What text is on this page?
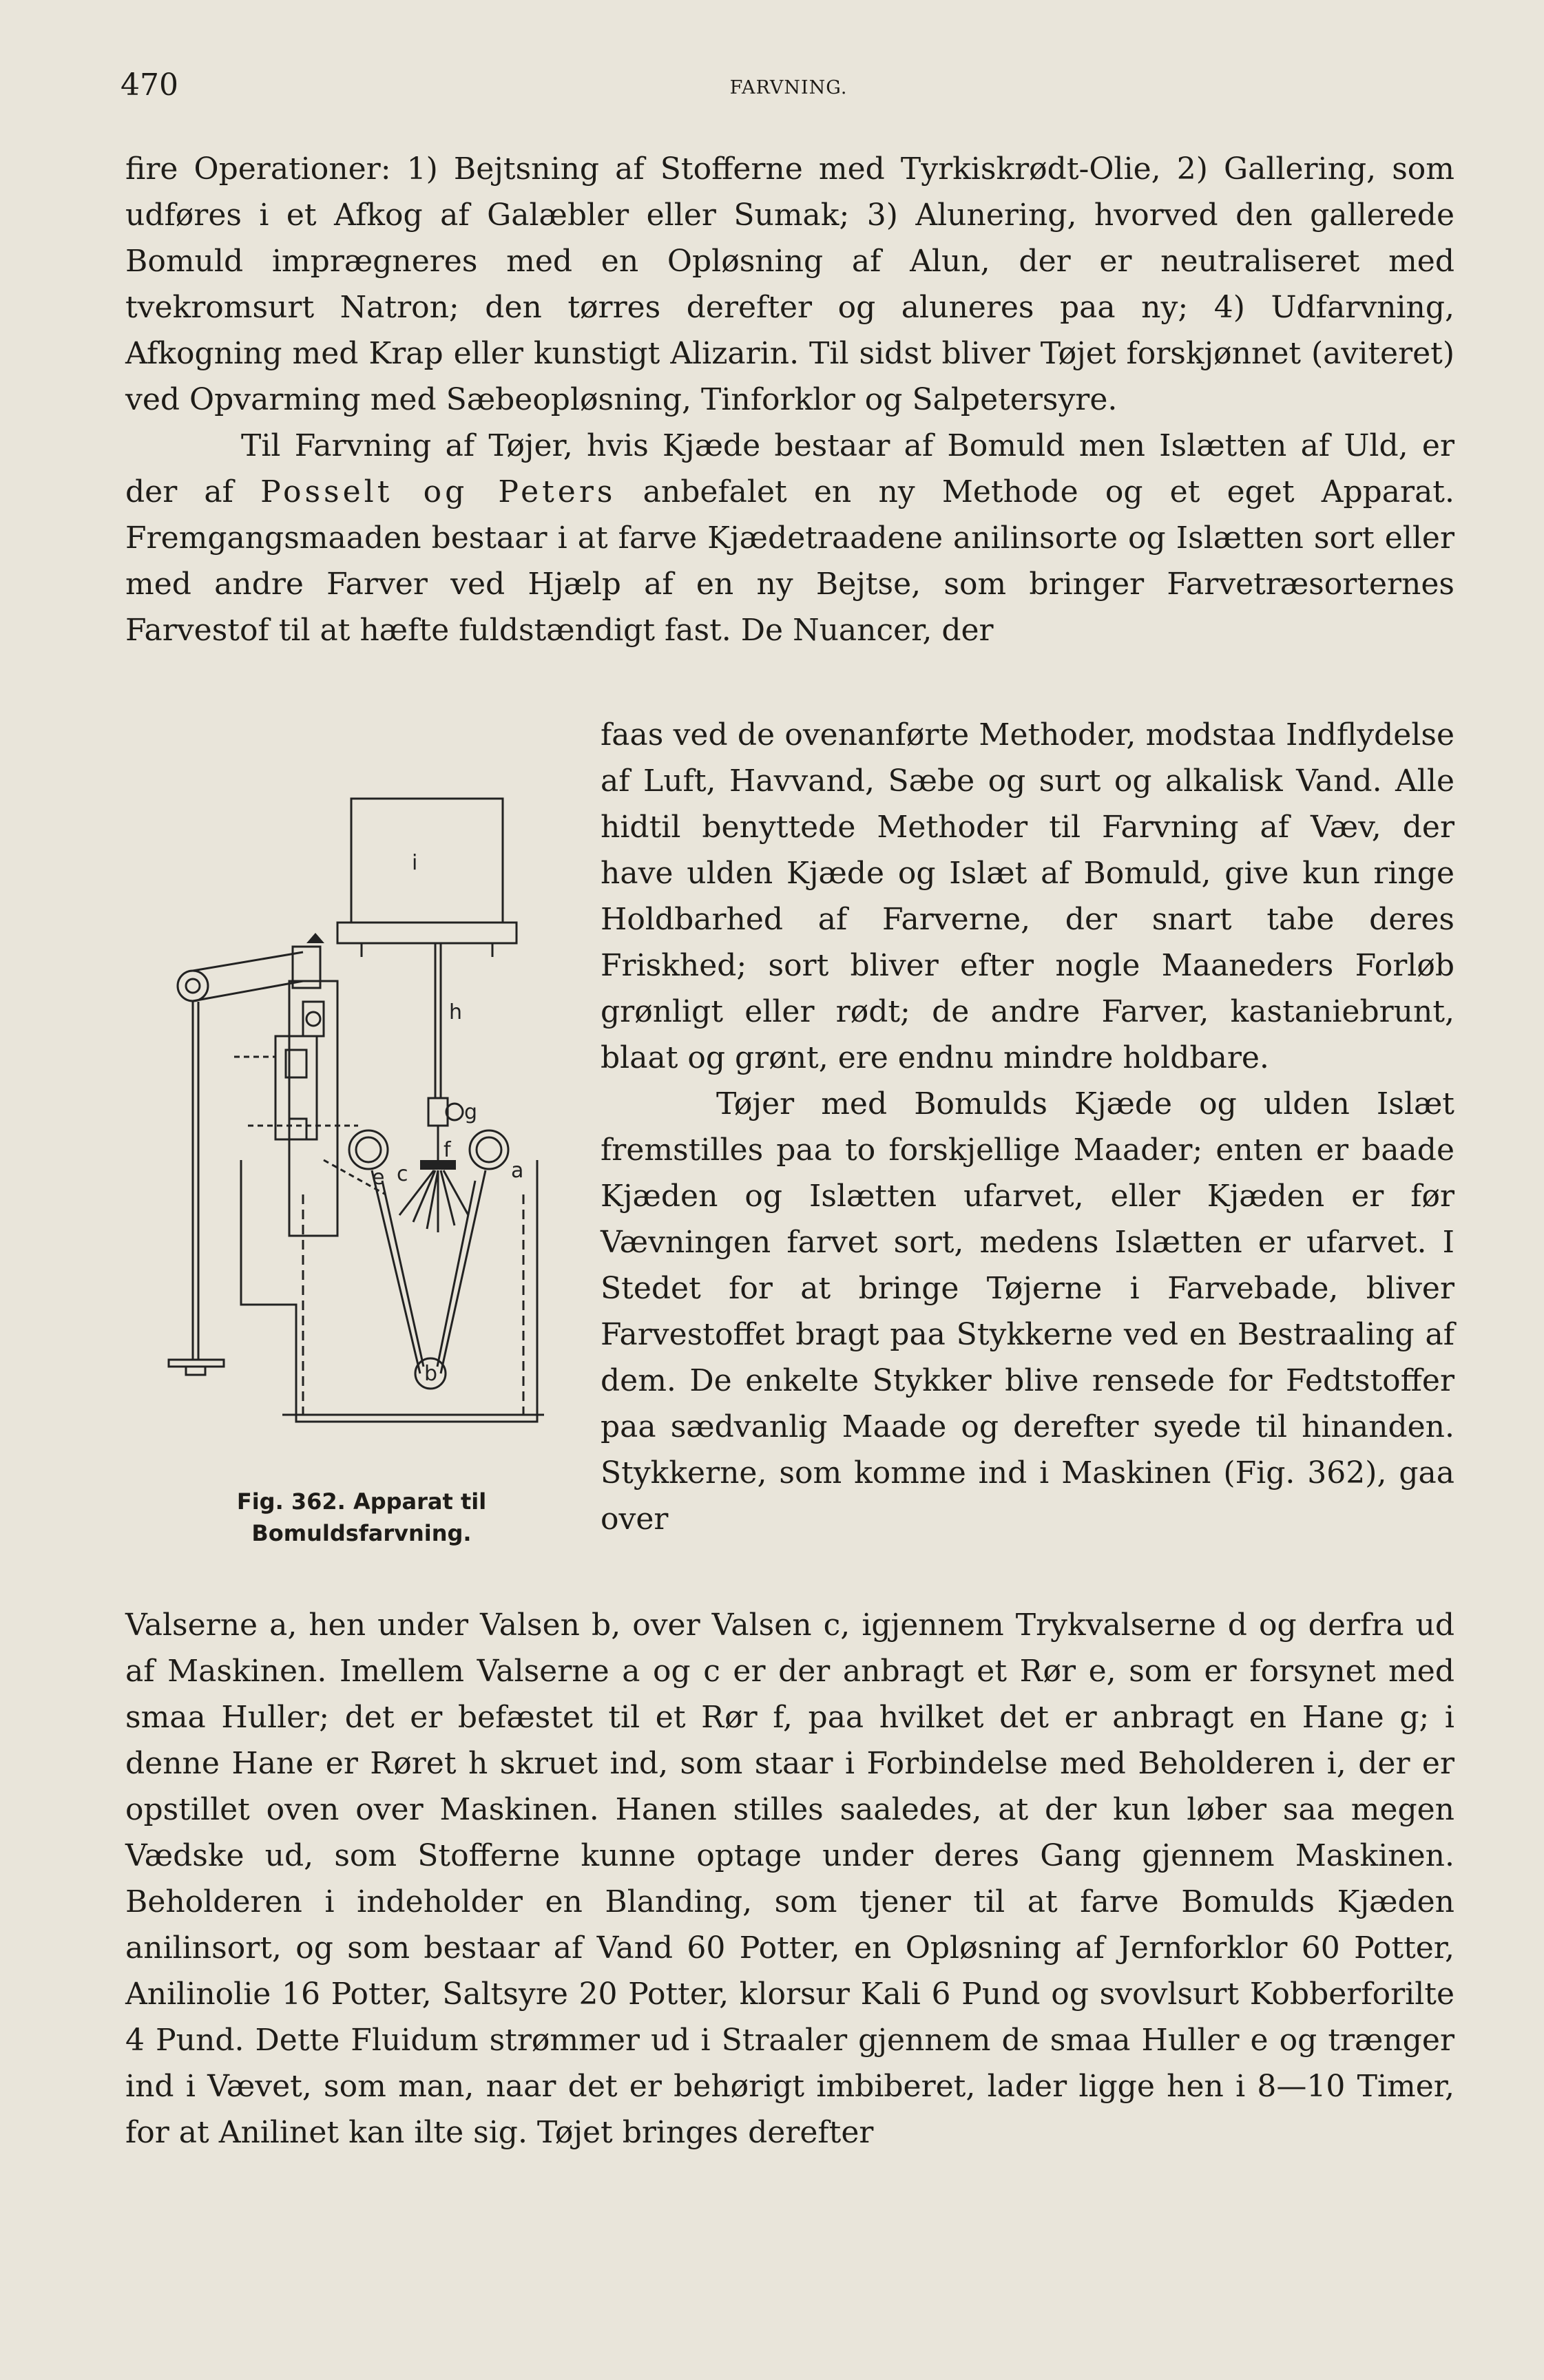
470	FARVNING.

fire Operationer: 1) Bejtsning af Stofferne med Tyrkiskrødt-Olie, 2) Gallering, som udføres i et Afkog af Galæbler eller Sumak; 3) Alunering, hvorved den gallerede Bomuld imprægneres med en Opløsning af Alun, der er neutraliseret med tvekromsurt Natron; den tørres derefter og aluneres paa ny; 4) Udfarvning, Afkogning med Krap eller kunstigt Alizarin. Til sidst bliver Tøjet forskjønnet (aviteret) ved Opvarming med Sæbeopløsning, Tinforklor og Salpetersyre.

Til Farvning af Tøjer, hvis Kjæde bestaar af Bomuld men Islætten af Uld, er der af Posselt og Peters anbefalet en ny Methode og et eget Apparat. Fremgangsmaaden bestaar i at farve Kjædetraadene anilinsorte og Islætten sort eller med andre Farver ved Hjælp af en ny Bejtse, som bringer Farvetræsorternes Farvestof til at hæfte fuldstændigt fast. De Nuancer, der

i
h
g
f
e c	a
b
Fig. 362. Apparat til Bomuldsfarvning.

faas ved de ovenanførte Methoder, modstaa Indflydelse af Luft, Havvand, Sæbe og surt og alkalisk Vand. Alle hidtil benyttede Methoder til Farvning af Væv, der have ulden Kjæde og Islæt af Bomuld, give kun ringe Holdbarhed af Farverne, der snart tabe deres Friskhed; sort bliver efter nogle Maaneders Forløb grønligt eller rødt; de andre Farver, kastaniebrunt, blaat og grønt, ere endnu mindre holdbare.

Tøjer med Bomulds Kjæde og ulden Islæt fremstilles paa to forskjellige Maader; enten er baade Kjæden og Islætten ufarvet, eller Kjæden er før Vævningen farvet sort, medens Islætten er ufarvet. I Stedet for at bringe Tøjerne i Farvebade, bliver Farvestoffet bragt paa Stykkerne ved en Bestraaling af dem. De enkelte Stykker blive rensede for Fedtstoffer paa sædvanlig Maade og derefter syede til hinanden. Stykkerne, som komme ind i Maskinen (Fig. 362), gaa over

Valserne a, hen under Valsen b, over Valsen c, igjennem Trykvalserne d og derfra ud af Maskinen. Imellem Valserne a og c er der anbragt et Rør e, som er forsynet med smaa Huller; det er befæstet til et Rør f, paa hvilket det er anbragt en Hane g; i denne Hane er Røret h skruet ind, som staar i Forbindelse med Beholderen i, der er opstillet oven over Maskinen. Hanen stilles saaledes, at der kun løber saa megen Vædske ud, som Stofferne kunne optage under deres Gang gjennem Maskinen. Beholderen i indeholder en Blanding, som tjener til at farve Bomulds Kjæden anilinsort, og som bestaar af Vand 60 Potter, en Opløsning af Jernforklor 60 Potter, Anilinolie 16 Potter, Saltsyre 20 Potter, klorsur Kali 6 Pund og svovlsurt Kobberforilte 4 Pund. Dette Fluidum strømmer ud i Straaler gjennem de smaa Huller e og trænger ind i Vævet, som man, naar det er behørigt imbiberet, lader ligge hen i 8—10 Timer, for at Anilinet kan ilte sig. Tøjet bringes derefter
